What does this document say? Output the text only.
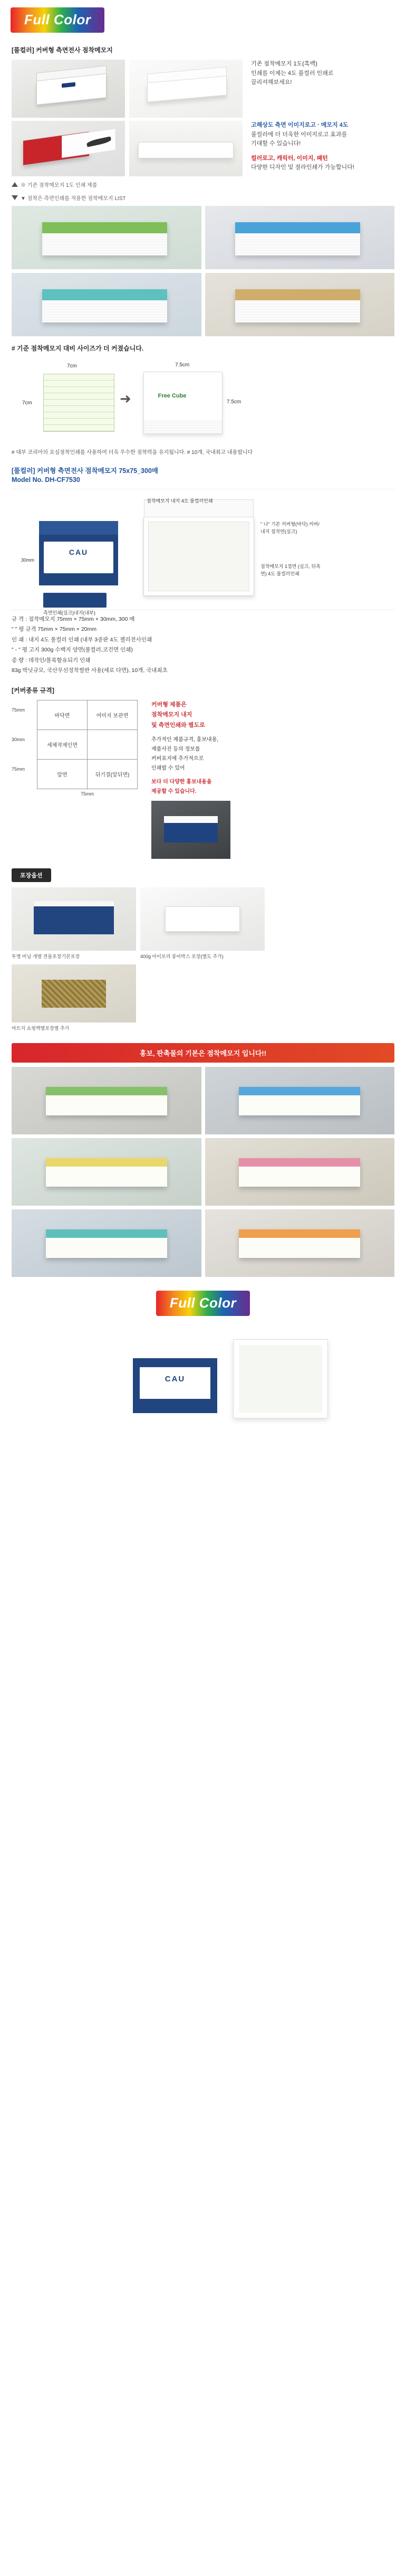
Full Color
[풀컬러] 커버형 측면전사 점착메모지
기존 점착메모지 1도(흑백)
인쇄를 이제는 4도 풀컬러 인쇄로
끌리셔해보세요!
고해상도 측면 이미지로고 · 메모지 4도
풀컬러에 더 더욱한 이미지로고 효과를
기대할 수 있습니다!
컬러로고, 캐릭터, 이미지, 패턴
다양한 디자인 및 절라인쇄가 가능합니다!
※ 기존 점착메모지 1도 인쇄 제품
▼ 점착은 측면인쇄를 적용한 점착메모지 LIST
# 기준 점착메모지 대비 사이즈가 더 커졌습니다.
7cm
7cm
➜
7.5cm
7.5cm
Free Cube
# 대부 코리아의 요심점착인쇄를 사용하여 더욱 우수한 점착력을 유지됩니다. # 10개, 국내최고 내용합니다
[풀컬러] 커버형 측면전사 점착메모지 75x75_300매
Model No. DH-CF7530
CAU
점착메모지 내지 4도 풀컬러인쇄
" 나" 기본 커버형(바닥) 커버/내지 접착면(실크)
점착메모지 1겹면 (실크, 뒤측면) 4도 풀컬러인쇄
30mm
측면인쇄(실크)내지(내부)
규 격 : 점착메모지 75mm × 75mm × 30mm, 300 매
" " 평 규격 75mm × 75mm × 20mm
인 쇄 : 내지 4도 풀컬러 인쇄 (내부 3종판 4도 젤리전사인쇄
" - " 평 고지 300g 수백지 양면(풀컬러,코건면 인쇄)
중 량 : 데작인/볼록함유되기 인쇄
83g 박닛규모, 국산무선정착썰반 사용(세로 다면), 10개, 국내최초
[커버종류 규격]
75mm
30mm
75mm
바닥면	여미지 보관면
세체작제인면	
앞면	뒤기결(앞뒤면)
75mm
커버형 제품은
점착메모지 내지
및 측면인쇄와 별도로
추가적인 제품규격, 홍보내용,
제품사진 등의 정보를
커버표지에 추가적으로
인쇄할 수 있어
보다 더 다양한 홍보내용을
제공할 수 있습니다.
포장옵션
투명 비닐 개별 견물포장기본포장	400g 아이보리 봉아박스 포장(별도 추가)
마트지 쇼핑백별포장별 추가
홍보, 판촉물의 기본은 점착메모지 입니다!!
Full Color
CAU
